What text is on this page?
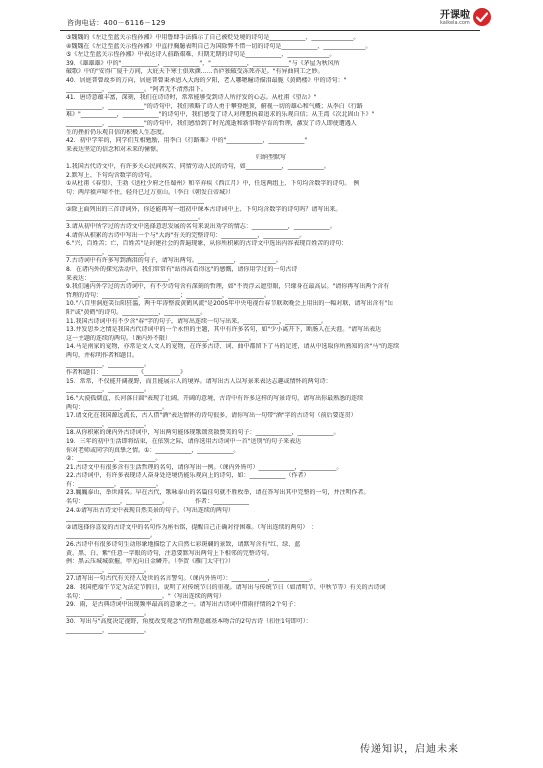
咨询电话：400－6116－129
开课啦
kaikela.com

③魏魏的《左迁至蓝关示侄孙湘》中用鲁肆手法描示了自己被贬处境的诗句是____________、______________。

④魏魏在《左迁至蓝关示侄孙湘》中直抒胸臆表明自己为国除弊不惜一切的诗句是____________、______________。

⑤《左迁至蓝关示侄孙湘》中表达诗人前路艰难、归期无期的诗句是____________、______________。

39．《雄雄雄》中的"____________，____________"，"____________，____________"与《茅屋为秋风所

破歌》中的"安得广厦千万间，大庇天下寒士俱欢颜……吾庐独破受冻死亦足。"有异曲同工之妙。

40．居庭普曾故乡的万向，居庭普曾秉承恩入大海的夕阳，老人哪嗯幢诗描泪最脆《黄鹤楼》中的诗句："

____________，____________。"阿者无不清然泪下。

41．唐诗意蕴丰富，深刻，我们在诗诗时，常常能够受到诗人所抒发的心志。从杜甫《望岳》"

____________，____________"的诗句中，我们领略了诗人勇于攀登绝顶，俯视一切的雄心和气概；从李白《行路

难》"____________，____________"的诗句中，我们感受了诗人对理想执着追求的乐观自信；从王湾《次北固山下》"

____________，____________"的诗句中，我们感悟到了时光流逝和新事物孕育的哲理，激发了诗人即使遭遇人

生的挫折仍乐观自信的积极人生态度。

42．初中学年的，同学们互相勉励，用李白《行路难》中的"____________，____________"

来表达坚定的信念和对未来的憧憬。

归纳型默写

1.我国古代诗文中，有许多关心民间疾苦、同情劳动人民的诗句，如____________，____________。

2.默写上、下句均含数字的诗句。

①从杜甫《春望》、王勃《送杜少府之任蜀州》和辛弃疾《西江月》中，任选两组上、下句均含数字的诗句。　例

句：两岸猿声啼不住，轻舟已过万重山。（李白《朝发白帝城》）

______________________________________________

②除上面列出的三首诗词外，你还能再写一组初中课本古诗词中上、下句均含数字的诗句吗？请写出来。

____________________________________________。

3.请从初中所学过的古诗文中选择意思发展的名句来说出劝学的情志：____________，____________。

4.请你从积累的古诗中写出一个与"大海"有关的完整诗句：____________，____________。

6."兴，百姓苦；亡，百姓苦"是封建社会的普遍现象，从你所积累的古诗文中选出内容表现百姓苦的诗句：

____________，____________。

7.古诗词中有许多写到酒泪的句子，请写出两句。____________，____________。

8．在诸内外的探究活动中，我们常常有"站得高看得远"的感慨，请你用学过的一句古诗

来表达：____________，____________。

9.我们通内外学过的古诗词中，有不少诗句含有深刻的哲理，如"不畏浮云遮望眼，只缘身在最高层。"请你再写出两个含有

哲理的诗句：____________，____________；____________，____________。

10."八百里洞庭笑岳阳狂滥，两千年涛整波黄鹤风流"是2005年中央电视台春节联欢晚会上用出的一幅对联，请写出含有"岳

阳"或"黄鹤"的诗句。____________，____________。

11.我国古诗词中有不少含"春"字的句子，请写出连续一句与出来。____________，____________。

13.井发思乡之情是我国古代诗词中的一个永恒的主题，其中有许多名句，如"少小离开下，断肠人在天涯。"请写出表达

这一主题的连续的两句。（课内外不限）____________，____________。

14.马是南家的宠物，亦常是文人文人的宠物，在许多古诗、词、曲中都留下了马的足迹，请从中选取你所熟知的含"马"的连续

两句，并标明作者和题目。

____________，____________。

作者和题目：____________《____________》

15．常常，不仅能开阔视野，而且能展示人的境界。请写出古人以写景来表达志趣或情怀的两句诗：

____________，____________。

16."大漠孤烟直，长河落日圆"表现了壮阔，开阔的意境，古诗中有许多这样的写景诗句，请写出你最熟悉的连续

两句：____________，____________。

17.请文化在我国源远流长，古人借"酒"表达情怀的诗句很多，请你写出一句带"酒"字的古诗句（前后要连贯）

____________，____________。

18.从你积累的课内外古诗词中，写出两句能体现歌颂赏散赞美的句子：____________，____________。

19．三年的初中生活即将结束，在依别之际，请你选用古诗词中一首"送别"的句子来表达

你对老师或同学的真挚之情。①：____________，____________。

②：____________，____________。

21.古诗文中有很多含有生活哲理的名句，请你写出一例。（课内外皆可）____________，____________。

22.古诗词中，有许多表现诗人奋身处逆境仍能乐观向上的诗句，如：____________（作者）

有：____________，____________。

23.巍巍泰山，举世闻名。早在古代，歌咏泰山的名篇佳句就不胜枚举，请在答写出其中完整的一句，并注明作者。

名句：____________，____________。　　　　　作者：____________

24.①请写出古诗文中表现自然美景的句子。（写出连续的两句）

____________________________。

②请选择你喜爱的古诗文中的名句作为座右铭，提醒自己正确对待困难。（写出连续的两句）　：

____________________________。

26.古诗中有很多诗句生动形象地描绘了大自然七彩斑斓的景致，请默写含有"红、绿、蓝

黄、黑、白、紫"任意一字眼的诗句，注意要默写出两句上下相邻的完整诗句。

例：黑云压城城欲摧，甲光向日金鳞开。（李贺《雁门太守行》）

____________，____________。

27.请写出一句古代有关待人处世的名言警句。（课内外皆可）：____________，____________。

28．我国把端午节定为法定节假日，说明了对传统节日的重视。请写出与传统节日（如清明节、中秋节等）有关的古诗词

名句：____________，____________。"（写出连续的两句）

29．雨，是古典诗词中出现频率最高的意象之一。请写出古诗词中借雨抒情的2个句子：

____________，____________。

30．写出与"高度决定视野，角度改变观念"的哲理意蕴基本吻合的2句古诗（扣住1句即可）：

____________，____________。

传递知识，启迪未来
